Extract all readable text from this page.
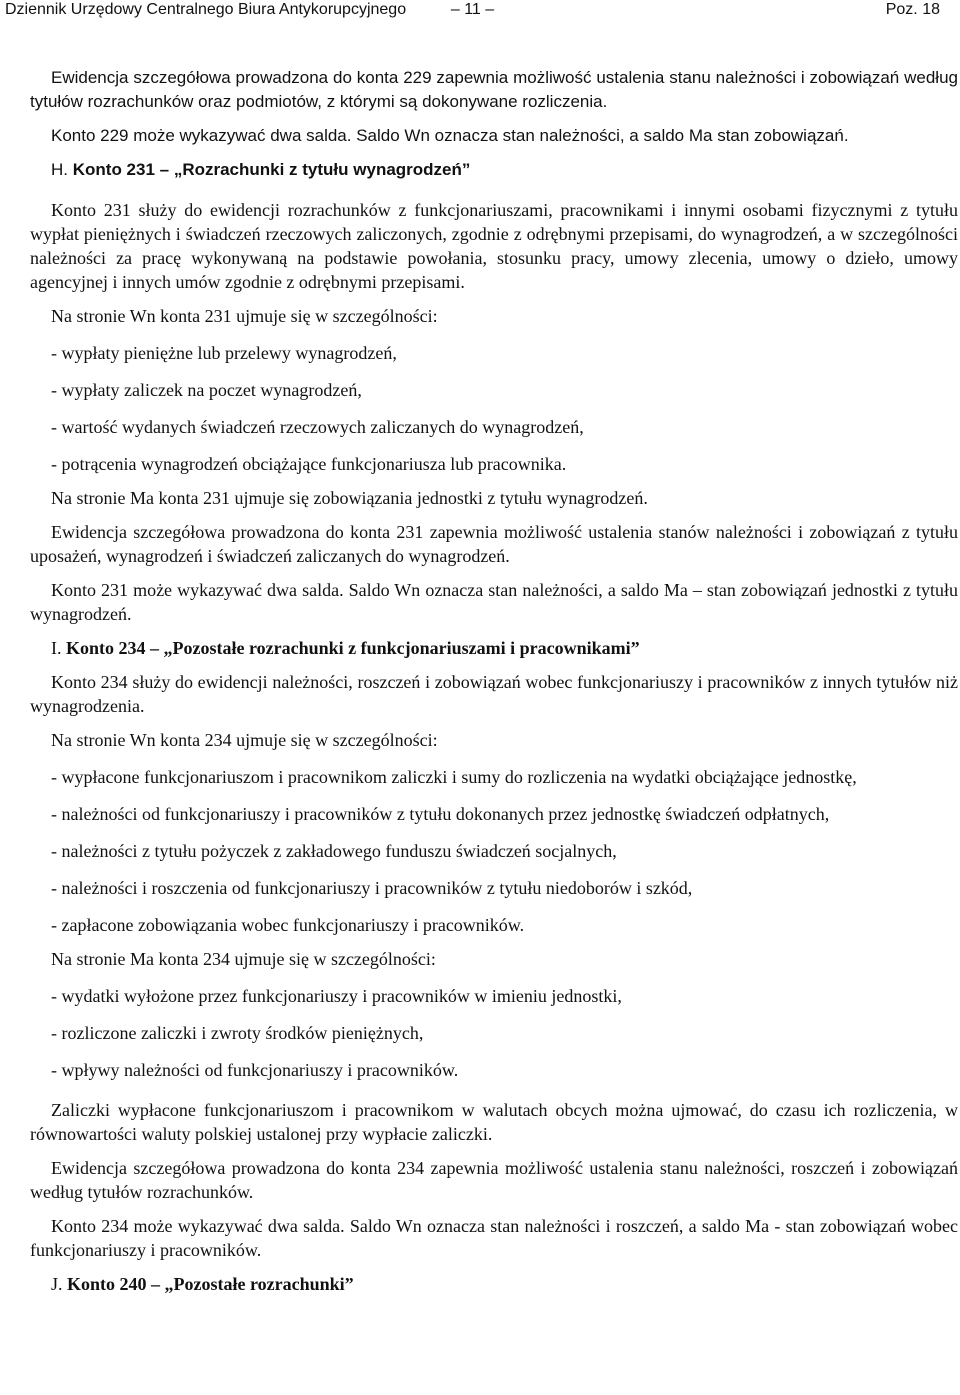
Dziennik Urzędowy Centralnego Biura Antykorupcyjnego	– 11 –	Poz. 18

Ewidencja szczegółowa prowadzona do konta 229 zapewnia możliwość ustalenia stanu należności i zobowiązań według tytułów rozrachunków oraz podmiotów, z którymi są dokonywane rozliczenia.

Konto 229 może wykazywać dwa salda. Saldo Wn oznacza stan należności, a saldo Ma stan zobowiązań.

H. Konto 231 – „Rozrachunki z tytułu wynagrodzeń”

Konto 231 służy do ewidencji rozrachunków z funkcjonariuszami, pracownikami i innymi osobami fizycznymi z tytułu wypłat pieniężnych i świadczeń rzeczowych zaliczonych, zgodnie z odrębnymi przepisami, do wynagrodzeń, a w szczególności należności za pracę wykonywaną na podstawie powołania, stosunku pracy, umowy zlecenia, umowy o dzieło, umowy agencyjnej i innych umów zgodnie z odrębnymi przepisami.

Na stronie Wn konta 231 ujmuje się w szczególności:

- wypłaty pieniężne lub przelewy wynagrodzeń,

- wypłaty zaliczek na poczet wynagrodzeń,

- wartość wydanych świadczeń rzeczowych zaliczanych do wynagrodzeń,

- potrącenia wynagrodzeń obciążające funkcjonariusza lub pracownika.

Na stronie Ma konta 231 ujmuje się zobowiązania jednostki z tytułu wynagrodzeń.

Ewidencja szczegółowa prowadzona do konta 231 zapewnia możliwość ustalenia stanów należności i zobowiązań z tytułu uposażeń, wynagrodzeń i świadczeń zaliczanych do wynagrodzeń.

Konto 231 może wykazywać dwa salda. Saldo Wn oznacza stan należności, a saldo Ma – stan zobowiązań jednostki z tytułu wynagrodzeń.

I. Konto 234 – „Pozostałe rozrachunki z funkcjonariuszami i pracownikami”

Konto 234 służy do ewidencji należności, roszczeń i zobowiązań wobec funkcjonariuszy i pracowników z innych tytułów niż wynagrodzenia.

Na stronie Wn konta 234 ujmuje się w szczególności:

- wypłacone funkcjonariuszom i pracownikom zaliczki i sumy do rozliczenia na wydatki obciążające jednostkę,

- należności od funkcjonariuszy i pracowników z tytułu dokonanych przez jednostkę świadczeń odpłatnych,

- należności z tytułu pożyczek z zakładowego funduszu świadczeń socjalnych,

- należności i roszczenia od funkcjonariuszy i pracowników z tytułu niedoborów i szkód,

- zapłacone zobowiązania wobec funkcjonariuszy i pracowników.

Na stronie Ma konta 234 ujmuje się w szczególności:

- wydatki wyłożone przez funkcjonariuszy i pracowników w imieniu jednostki,

- rozliczone zaliczki i zwroty środków pieniężnych,

- wpływy należności od funkcjonariuszy i pracowników.

Zaliczki wypłacone funkcjonariuszom i pracownikom w walutach obcych można ujmować, do czasu ich rozliczenia, w równowartości waluty polskiej ustalonej przy wypłacie zaliczki.

Ewidencja szczegółowa prowadzona do konta 234 zapewnia możliwość ustalenia stanu należności, roszczeń i zobowiązań według tytułów rozrachunków.

Konto 234 może wykazywać dwa salda. Saldo Wn oznacza stan należności i roszczeń, a saldo Ma - stan zobowiązań wobec funkcjonariuszy i pracowników.

J. Konto 240 – „Pozostałe rozrachunki”
